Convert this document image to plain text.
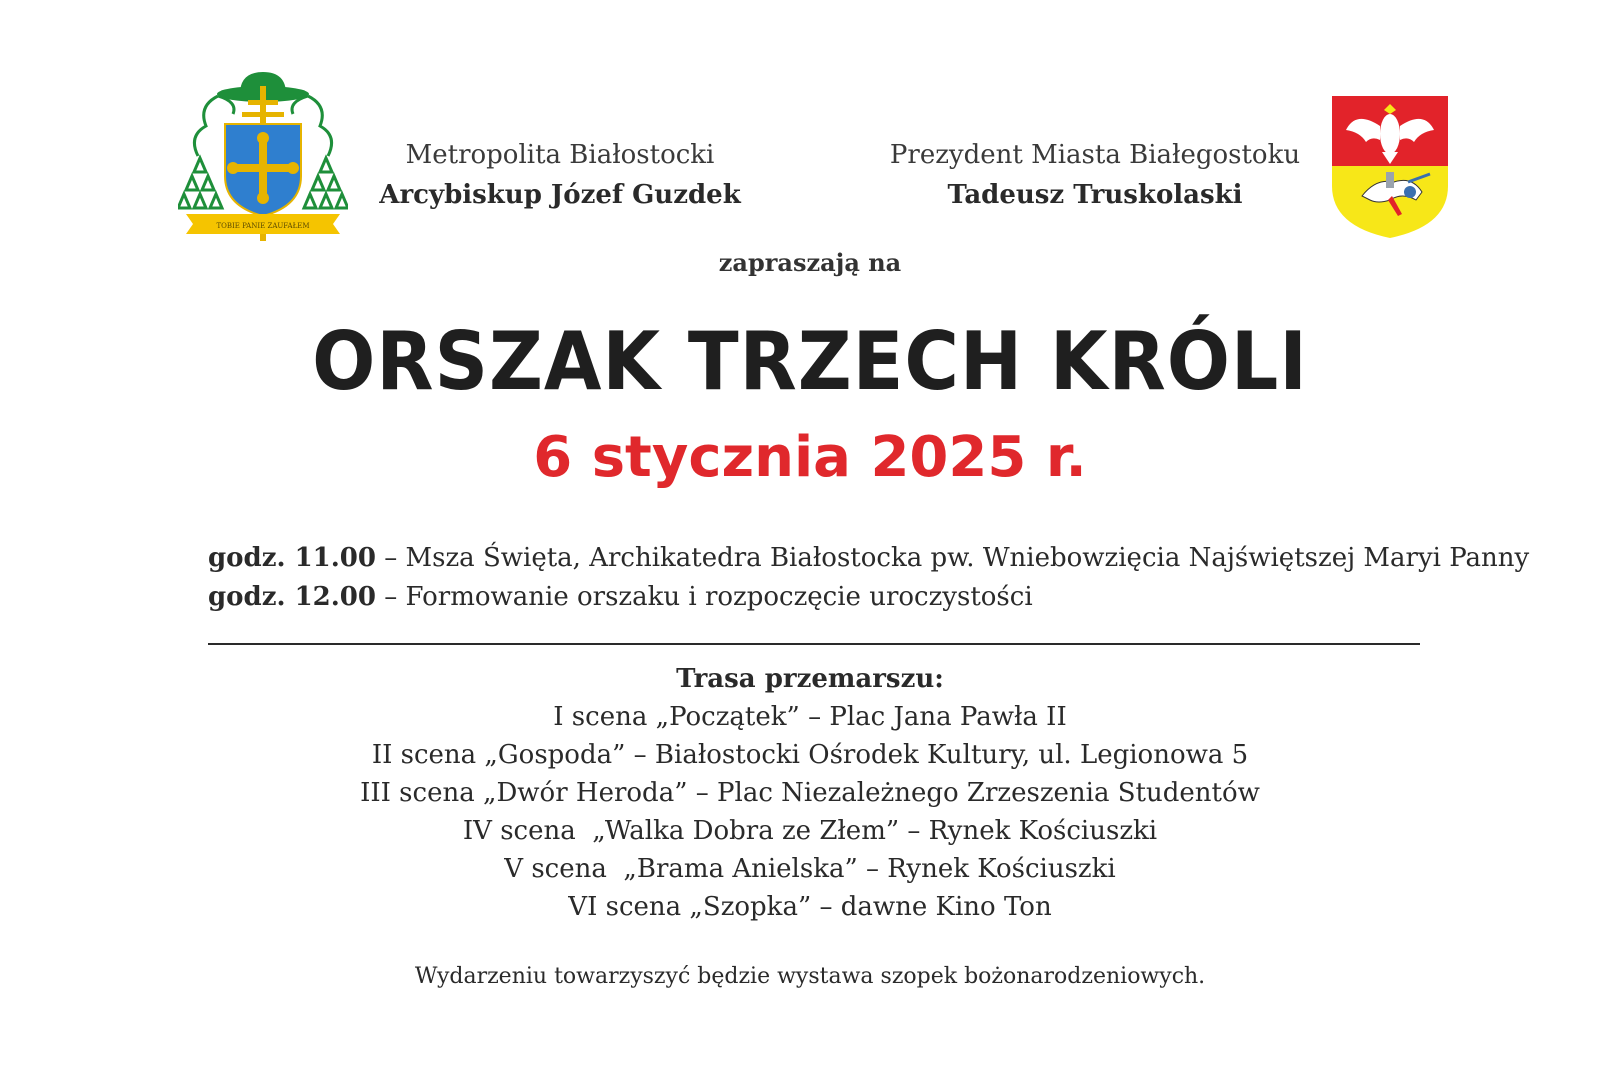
TOBIE PANIE ZAUFAŁEM
Metropolita Białostocki
Arcybiskup Józef Guzdek
Prezydent Miasta Białegostoku
Tadeusz Truskolaski
zapraszają na
ORSZAK TRZECH KRÓLI
6 stycznia 2025 r.
godz. 11.00 – Msza Święta, Archikatedra Białostocka pw. Wniebowzięcia Najświętszej Maryi Panny
godz. 12.00 – Formowanie orszaku i rozpoczęcie uroczystości
Trasa przemarszu:
I scena „Początek” – Plac Jana Pawła II
II scena „Gospoda” – Białostocki Ośrodek Kultury, ul. Legionowa 5
III scena „Dwór Heroda” – Plac Niezależnego Zrzeszenia Studentów
IV scena  „Walka Dobra ze Złem” – Rynek Kościuszki
V scena  „Brama Anielska” – Rynek Kościuszki
VI scena „Szopka” – dawne Kino Ton
Wydarzeniu towarzyszyć będzie wystawa szopek bożonarodzeniowych.
